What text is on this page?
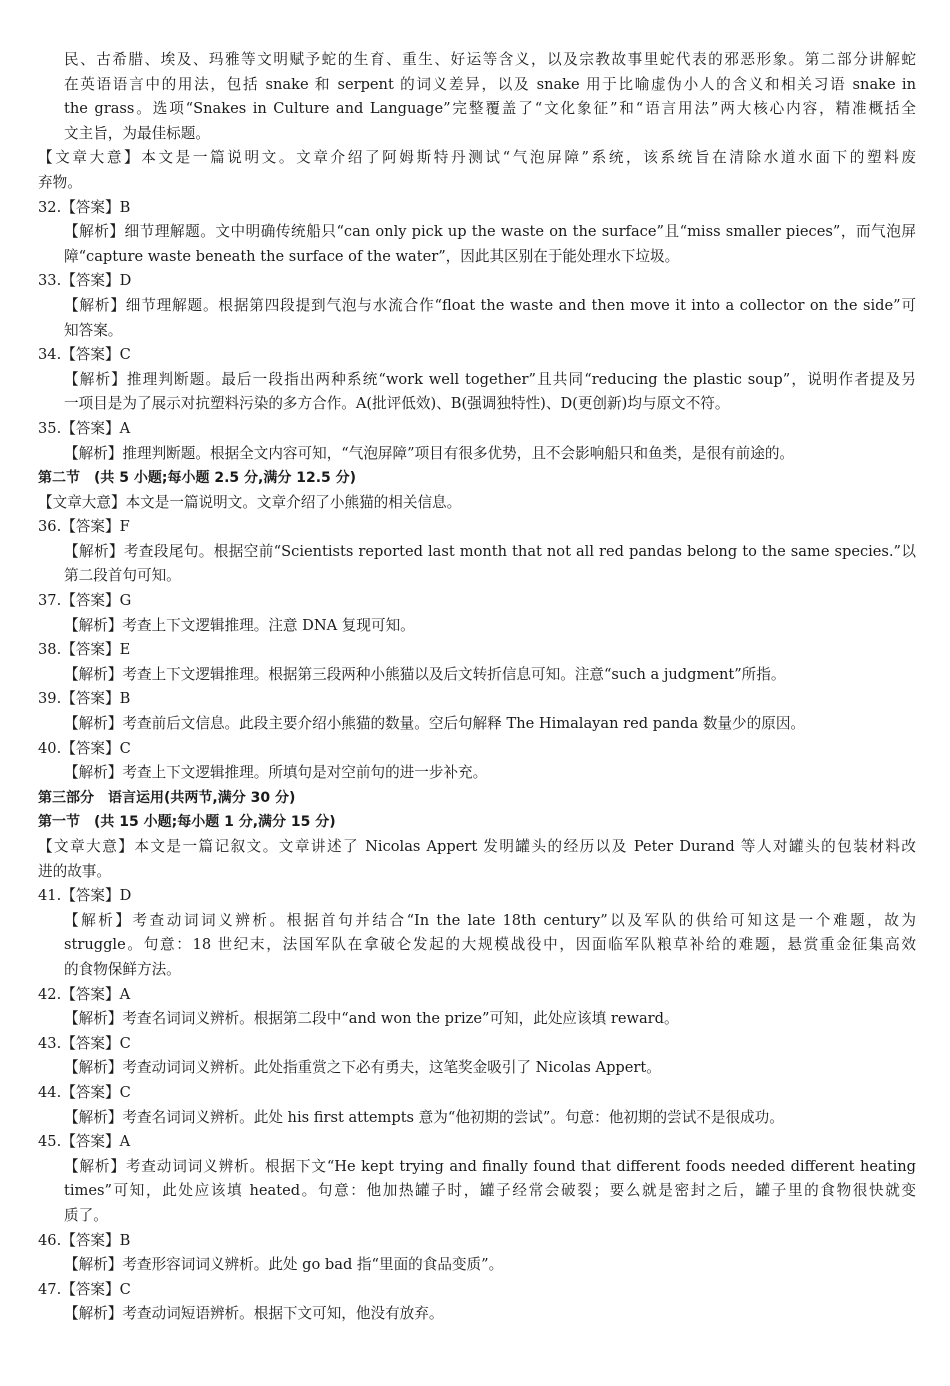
民、古希腊、埃及、玛雅等文明赋予蛇的生育、重生、好运等含义，以及宗教故事里蛇代表的邪恶形象。第二部分讲解蛇
在英语语言中的用法，包括 snake 和 serpent 的词义差异，以及 snake 用于比喻虚伪小人的含义和相关习语 snake in
the grass。选项“Snakes in Culture and Language”完整覆盖了“文化象征”和“语言用法”两大核心内容，精准概括全
文主旨，为最佳标题。
【文章大意】本文是一篇说明文。文章介绍了阿姆斯特丹测试“气泡屏障”系统，该系统旨在清除水道水面下的塑料废
弃物。
32.【答案】B
【解析】细节理解题。文中明确传统船只“can only pick up the waste on the surface”且“miss smaller pieces”，而气泡屏
障“capture waste beneath the surface of the water”，因此其区别在于能处理水下垃圾。
33.【答案】D
【解析】细节理解题。根据第四段提到气泡与水流合作“float the waste and then move it into a collector on the side”可
知答案。
34.【答案】C
【解析】推理判断题。最后一段指出两种系统“work well together”且共同“reducing the plastic soup”，说明作者提及另
一项目是为了展示对抗塑料污染的多方合作。A(批评低效)、B(强调独特性)、D(更创新)均与原文不符。
35.【答案】A
【解析】推理判断题。根据全文内容可知，“气泡屏障”项目有很多优势，且不会影响船只和鱼类，是很有前途的。
第二节　(共 5 小题;每小题 2.5 分,满分 12.5 分)
【文章大意】本文是一篇说明文。文章介绍了小熊猫的相关信息。
36.【答案】F
【解析】考查段尾句。根据空前“Scientists reported last month that not all red pandas belong to the same species.”以
第二段首句可知。
37.【答案】G
【解析】考查上下文逻辑推理。注意 DNA 复现可知。
38.【答案】E
【解析】考查上下文逻辑推理。根据第三段两种小熊猫以及后文转折信息可知。注意“such a judgment”所指。
39.【答案】B
【解析】考查前后文信息。此段主要介绍小熊猫的数量。空后句解释 The Himalayan red panda 数量少的原因。
40.【答案】C
【解析】考查上下文逻辑推理。所填句是对空前句的进一步补充。
第三部分　语言运用(共两节,满分 30 分)
第一节　(共 15 小题;每小题 1 分,满分 15 分)
【文章大意】本文是一篇记叙文。文章讲述了 Nicolas Appert 发明罐头的经历以及 Peter Durand 等人对罐头的包装材料改
进的故事。
41.【答案】D
【解析】考查动词词义辨析。根据首句并结合“In the late 18th century”以及军队的供给可知这是一个难题，故为
struggle。句意：18 世纪末，法国军队在拿破仑发起的大规模战役中，因面临军队粮草补给的难题，悬赏重金征集高效
的食物保鲜方法。
42.【答案】A
【解析】考查名词词义辨析。根据第二段中“and won the prize”可知，此处应该填 reward。
43.【答案】C
【解析】考查动词词义辨析。此处指重赏之下必有勇夫，这笔奖金吸引了 Nicolas Appert。
44.【答案】C
【解析】考查名词词义辨析。此处 his first attempts 意为“他初期的尝试”。句意：他初期的尝试不是很成功。
45.【答案】A
【解析】考查动词词义辨析。根据下文“He kept trying and finally found that different foods needed different heating
times”可知，此处应该填 heated。句意：他加热罐子时，罐子经常会破裂；要么就是密封之后，罐子里的食物很快就变
质了。
46.【答案】B
【解析】考查形容词词义辨析。此处 go bad 指“里面的食品变质”。
47.【答案】C
【解析】考查动词短语辨析。根据下文可知，他没有放弃。
